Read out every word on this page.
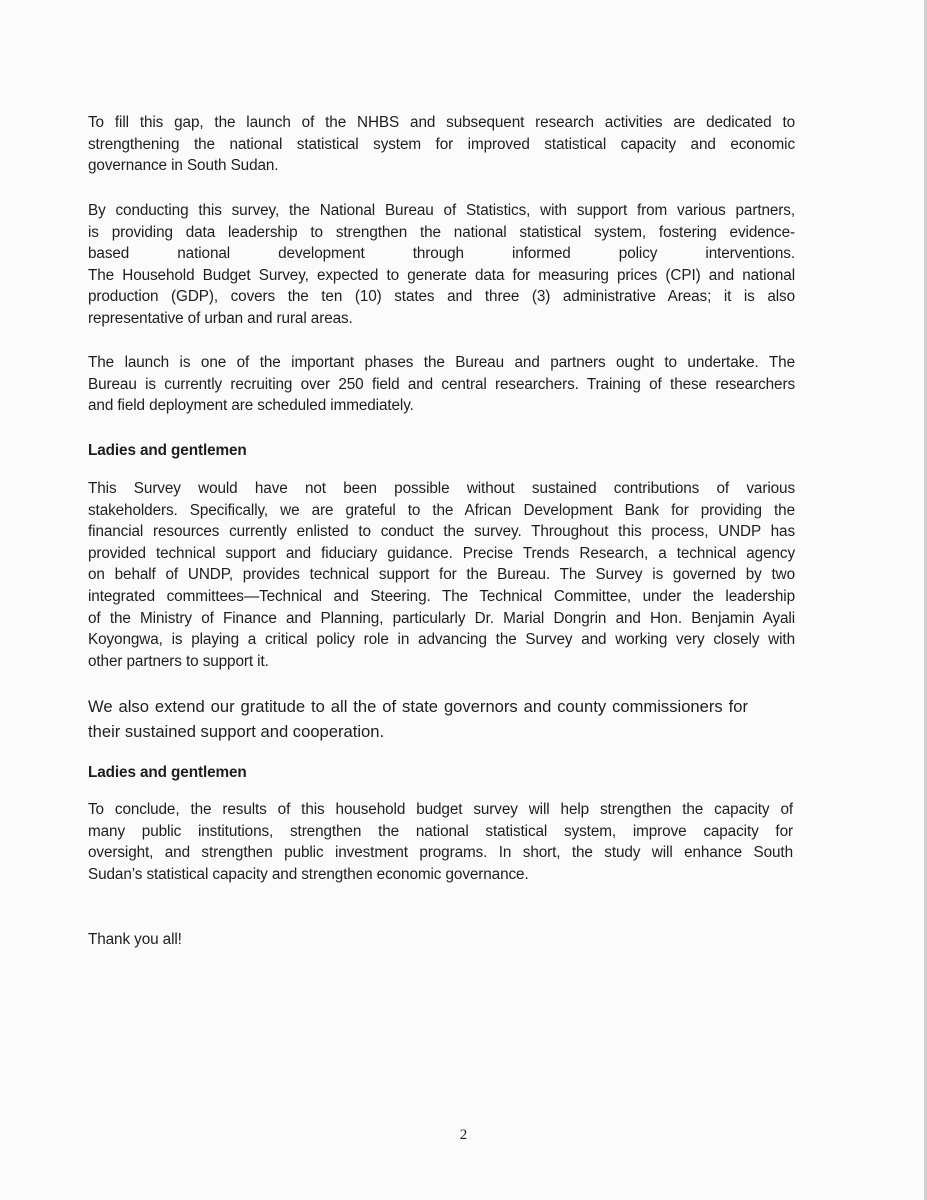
To fill this gap, the launch of the NHBS and subsequent research activities are dedicated to
strengthening the national statistical system for improved statistical capacity and economic
governance in South Sudan.
By conducting this survey, the National Bureau of Statistics, with support from various partners,
is providing data leadership to strengthen the national statistical system, fostering evidence-
based national development through informed policy interventions.
The Household Budget Survey, expected to generate data for measuring prices (CPI) and national
production (GDP), covers the ten (10) states and three (3) administrative Areas; it is also
representative of urban and rural areas.
The launch is one of the important phases the Bureau and partners ought to undertake. The
Bureau is currently recruiting over 250 field and central researchers. Training of these researchers
and field deployment are scheduled immediately.
Ladies and gentlemen
This Survey would have not been possible without sustained contributions of various
stakeholders. Specifically, we are grateful to the African Development Bank for providing the
financial resources currently enlisted to conduct the survey. Throughout this process, UNDP has
provided technical support and fiduciary guidance. Precise Trends Research, a technical agency
on behalf of UNDP, provides technical support for the Bureau. The Survey is governed by two
integrated committees—Technical and Steering. The Technical Committee, under the leadership
of the Ministry of Finance and Planning, particularly Dr. Marial Dongrin and Hon. Benjamin Ayali
Koyongwa, is playing a critical policy role in advancing the Survey and working very closely with
other partners to support it.
We also extend our gratitude to all the of state governors and county commissioners for
their sustained support and cooperation.
Ladies and gentlemen
To conclude, the results of this household budget survey will help strengthen the capacity of
many public institutions, strengthen the national statistical system, improve capacity for
oversight, and strengthen public investment programs. In short, the study will enhance South
Sudan’s statistical capacity and strengthen economic governance.
Thank you all!
2
